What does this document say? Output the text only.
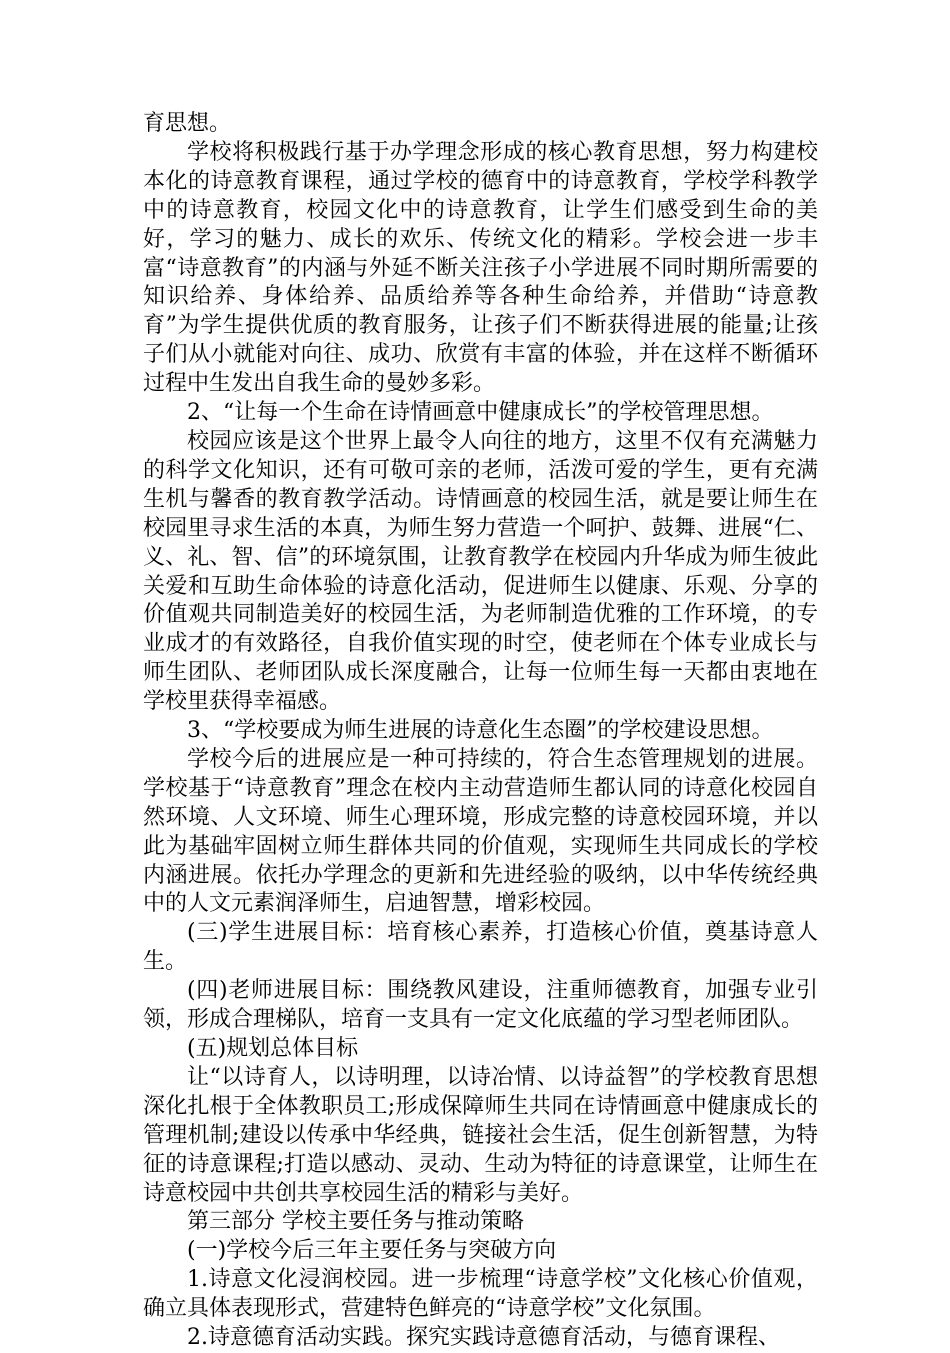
育思想。

学校将积极践行基于办学理念形成的核心教育思想，努力构建校本化的诗意教育课程，通过学校的德育中的诗意教育，学校学科教学中的诗意教育，校园文化中的诗意教育，让学生们感受到生命的美好，学习的魅力、成长的欢乐、传统文化的精彩。学校会进一步丰富“诗意教育”的内涵与外延不断关注孩子小学进展不同时期所需要的知识给养、身体给养、品质给养等各种生命给养，并借助“诗意教育”为学生提供优质的教育服务，让孩子们不断获得进展的能量;让孩子们从小就能对向往、成功、欣赏有丰富的体验，并在这样不断循环过程中生发出自我生命的曼妙多彩。

2、“让每一个生命在诗情画意中健康成长”的学校管理思想。

校园应该是这个世界上最令人向往的地方，这里不仅有充满魅力的科学文化知识，还有可敬可亲的老师，活泼可爱的学生，更有充满生机与馨香的教育教学活动。诗情画意的校园生活，就是要让师生在校园里寻求生活的本真，为师生努力营造一个呵护、鼓舞、进展“仁、义、礼、智、信”的环境氛围，让教育教学在校园内升华成为师生彼此关爱和互助生命体验的诗意化活动，促进师生以健康、乐观、分享的价值观共同制造美好的校园生活，为老师制造优雅的工作环境，的专业成才的有效路径，自我价值实现的时空，使老师在个体专业成长与师生团队、老师团队成长深度融合，让每一位师生每一天都由衷地在学校里获得幸福感。

3、“学校要成为师生进展的诗意化生态圈”的学校建设思想。

学校今后的进展应是一种可持续的，符合生态管理规划的进展。学校基于“诗意教育”理念在校内主动营造师生都认同的诗意化校园自然环境、人文环境、师生心理环境，形成完整的诗意校园环境，并以此为基础牢固树立师生群体共同的价值观，实现师生共同成长的学校内涵进展。依托办学理念的更新和先进经验的吸纳，以中华传统经典中的人文元素润泽师生，启迪智慧，增彩校园。

(三)学生进展目标：培育核心素养，打造核心价值，奠基诗意人生。

(四)老师进展目标：围绕教风建设，注重师德教育，加强专业引领，形成合理梯队，培育一支具有一定文化底蕴的学习型老师团队。

(五)规划总体目标

让“以诗育人，以诗明理，以诗冶情、以诗益智”的学校教育思想深化扎根于全体教职员工;形成保障师生共同在诗情画意中健康成长的管理机制;建设以传承中华经典，链接社会生活，促生创新智慧，为特征的诗意课程;打造以感动、灵动、生动为特征的诗意课堂，让师生在诗意校园中共创共享校园生活的精彩与美好。

第三部分 学校主要任务与推动策略

(一)学校今后三年主要任务与突破方向

1.诗意文化浸润校园。进一步梳理“诗意学校”文化核心价值观，确立具体表现形式，营建特色鲜亮的“诗意学校”文化氛围。

2.诗意德育活动实践。探究实践诗意德育活动，与德育课程、
